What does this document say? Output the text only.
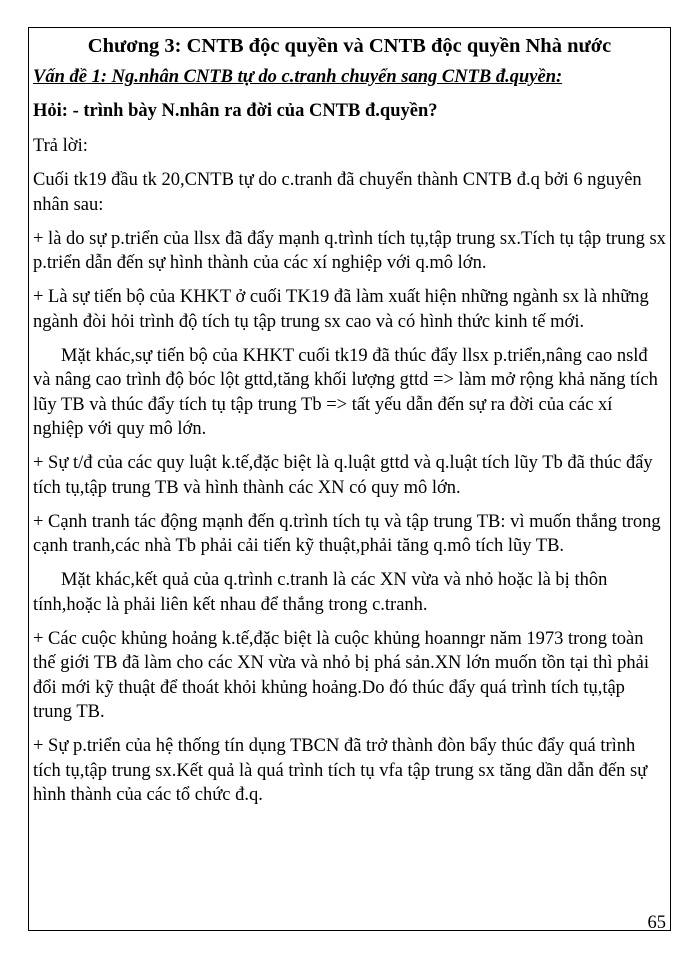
Chương 3: CNTB độc quyền và CNTB độc quyền Nhà nước

Vấn đề 1: Ng.nhân CNTB tự do c.tranh chuyển sang CNTB đ.quyền:

Hỏi: - trình bày N.nhân ra đời của CNTB đ.quyền?

Trả lời:

Cuối tk19 đầu tk 20,CNTB tự do c.tranh đã chuyển thành CNTB đ.q bởi 6 nguyên nhân sau:

+ là do sự p.triển của llsx đã đẩy mạnh q.trình tích tụ,tập trung sx.Tích tụ tập trung sx p.triển dẫn đến sự hình thành của các xí nghiệp với q.mô lớn.

+ Là sự tiến bộ của KHKT ở cuối TK19 đã làm xuất hiện những ngành sx là những ngành đòi hỏi trình độ tích tụ tập trung sx cao và có hình thức kinh tế mới.

Mặt khác,sự tiến bộ của KHKT cuối tk19 đã thúc đẩy llsx p.triển,nâng cao nslđ và nâng cao trình độ bóc lột gttd,tăng khối lượng gttd => làm mở rộng khả năng tích lũy TB và thúc đẩy tích tụ tập trung Tb => tất yếu dẫn đến sự ra đời của các xí nghiệp với quy mô lớn.

+ Sự t/đ của các quy luật k.tế,đặc biệt là q.luật gttd và q.luật tích lũy Tb đã thúc đẩy tích tụ,tập trung TB và hình thành các XN có quy mô lớn.

+ Cạnh tranh tác động mạnh đến q.trình tích tụ và tập trung TB: vì muốn thắng trong cạnh tranh,các nhà Tb phải cải tiến kỹ thuật,phải tăng q.mô tích lũy TB.

Mặt khác,kết quả của q.trình c.tranh là các XN vừa và nhỏ hoặc là bị thôn tính,hoặc là phải liên kết nhau để thắng trong c.tranh.

+ Các cuộc khủng hoảng k.tế,đặc biệt là cuộc khủng hoanngr năm 1973 trong toàn thế giới TB đã làm cho các XN vừa và nhỏ bị phá sản.XN lớn muốn tồn tại thì phải đổi mới kỹ thuật để thoát khỏi khủng hoảng.Do đó thúc đẩy quá trình tích tụ,tập trung TB.

+ Sự p.triển của hệ thống tín dụng TBCN đã trở thành đòn bẩy thúc đẩy quá trình tích tụ,tập trung sx.Kết quả là quá trình tích tụ vfa tập trung sx tăng dần dẫn đến sự hình thành của các tổ chức đ.q.

65
